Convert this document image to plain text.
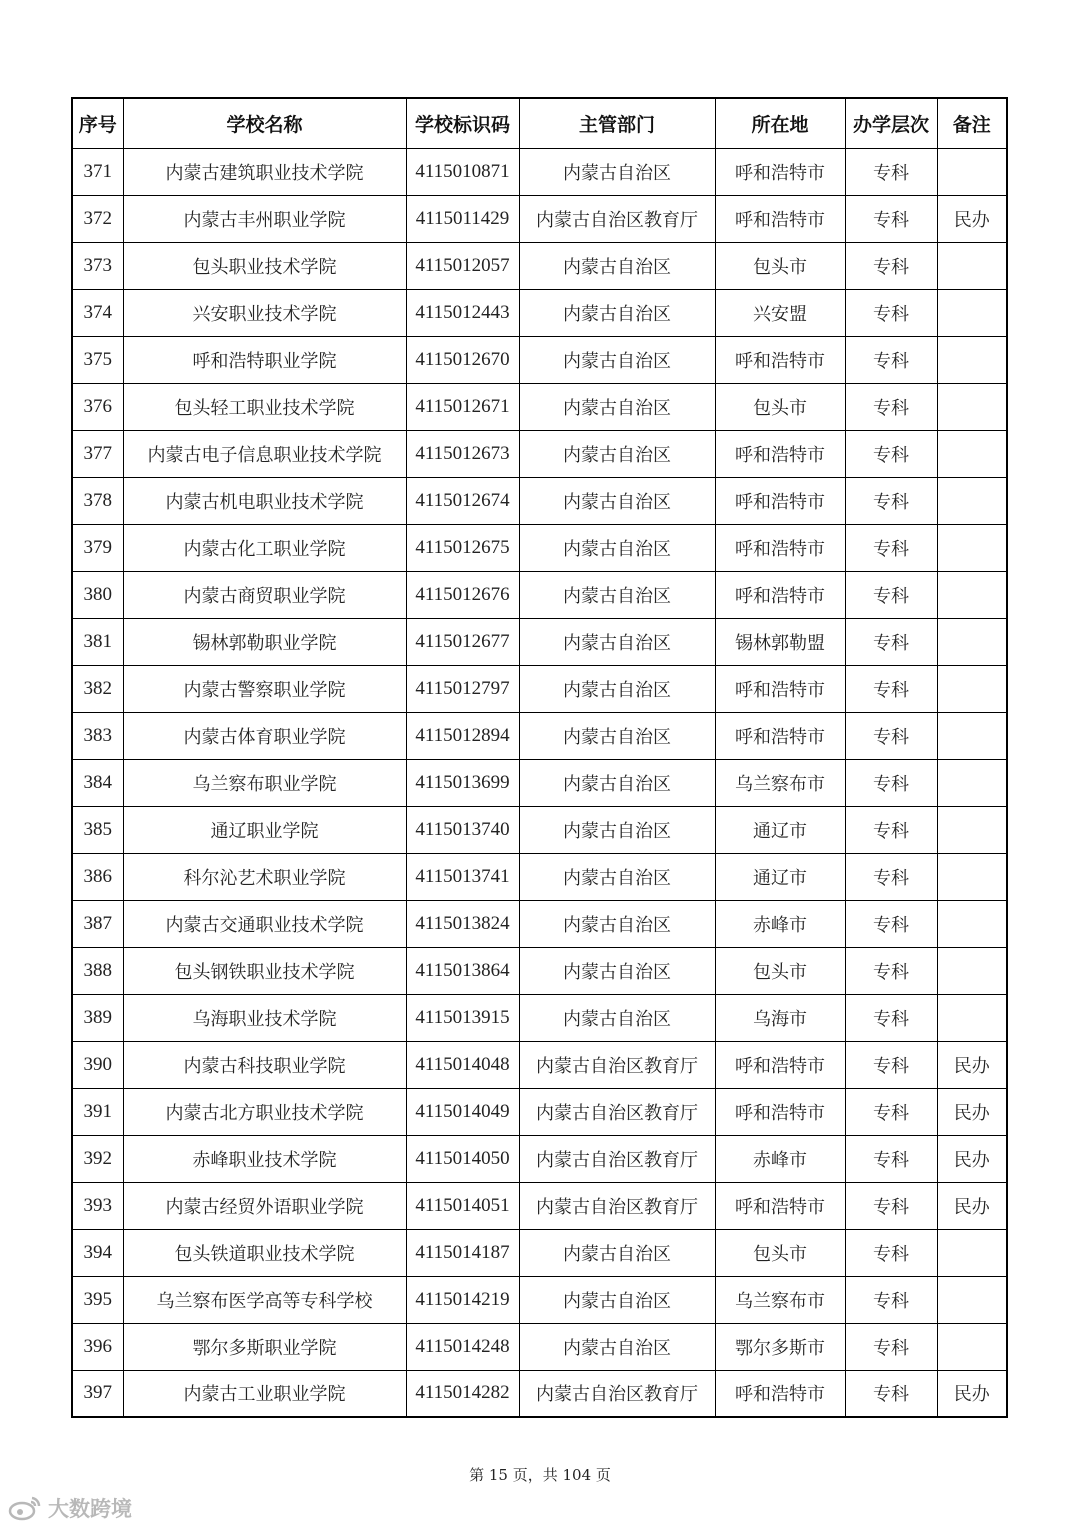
序号	学校名称	学校标识码	主管部门	所在地	办学层次	备注
371	内蒙古建筑职业技术学院	4115010871	内蒙古自治区	呼和浩特市	专科	
372	内蒙古丰州职业学院	4115011429	内蒙古自治区教育厅	呼和浩特市	专科	民办
373	包头职业技术学院	4115012057	内蒙古自治区	包头市	专科	
374	兴安职业技术学院	4115012443	内蒙古自治区	兴安盟	专科	
375	呼和浩特职业学院	4115012670	内蒙古自治区	呼和浩特市	专科	
376	包头轻工职业技术学院	4115012671	内蒙古自治区	包头市	专科	
377	内蒙古电子信息职业技术学院	4115012673	内蒙古自治区	呼和浩特市	专科	
378	内蒙古机电职业技术学院	4115012674	内蒙古自治区	呼和浩特市	专科	
379	内蒙古化工职业学院	4115012675	内蒙古自治区	呼和浩特市	专科	
380	内蒙古商贸职业学院	4115012676	内蒙古自治区	呼和浩特市	专科	
381	锡林郭勒职业学院	4115012677	内蒙古自治区	锡林郭勒盟	专科	
382	内蒙古警察职业学院	4115012797	内蒙古自治区	呼和浩特市	专科	
383	内蒙古体育职业学院	4115012894	内蒙古自治区	呼和浩特市	专科	
384	乌兰察布职业学院	4115013699	内蒙古自治区	乌兰察布市	专科	
385	通辽职业学院	4115013740	内蒙古自治区	通辽市	专科	
386	科尔沁艺术职业学院	4115013741	内蒙古自治区	通辽市	专科	
387	内蒙古交通职业技术学院	4115013824	内蒙古自治区	赤峰市	专科	
388	包头钢铁职业技术学院	4115013864	内蒙古自治区	包头市	专科	
389	乌海职业技术学院	4115013915	内蒙古自治区	乌海市	专科	
390	内蒙古科技职业学院	4115014048	内蒙古自治区教育厅	呼和浩特市	专科	民办
391	内蒙古北方职业技术学院	4115014049	内蒙古自治区教育厅	呼和浩特市	专科	民办
392	赤峰职业技术学院	4115014050	内蒙古自治区教育厅	赤峰市	专科	民办
393	内蒙古经贸外语职业学院	4115014051	内蒙古自治区教育厅	呼和浩特市	专科	民办
394	包头铁道职业技术学院	4115014187	内蒙古自治区	包头市	专科	
395	乌兰察布医学高等专科学校	4115014219	内蒙古自治区	乌兰察布市	专科	
396	鄂尔多斯职业学院	4115014248	内蒙古自治区	鄂尔多斯市	专科	
397	内蒙古工业职业学院	4115014282	内蒙古自治区教育厅	呼和浩特市	专科	民办
第 15 页，共 104 页
大数跨境
